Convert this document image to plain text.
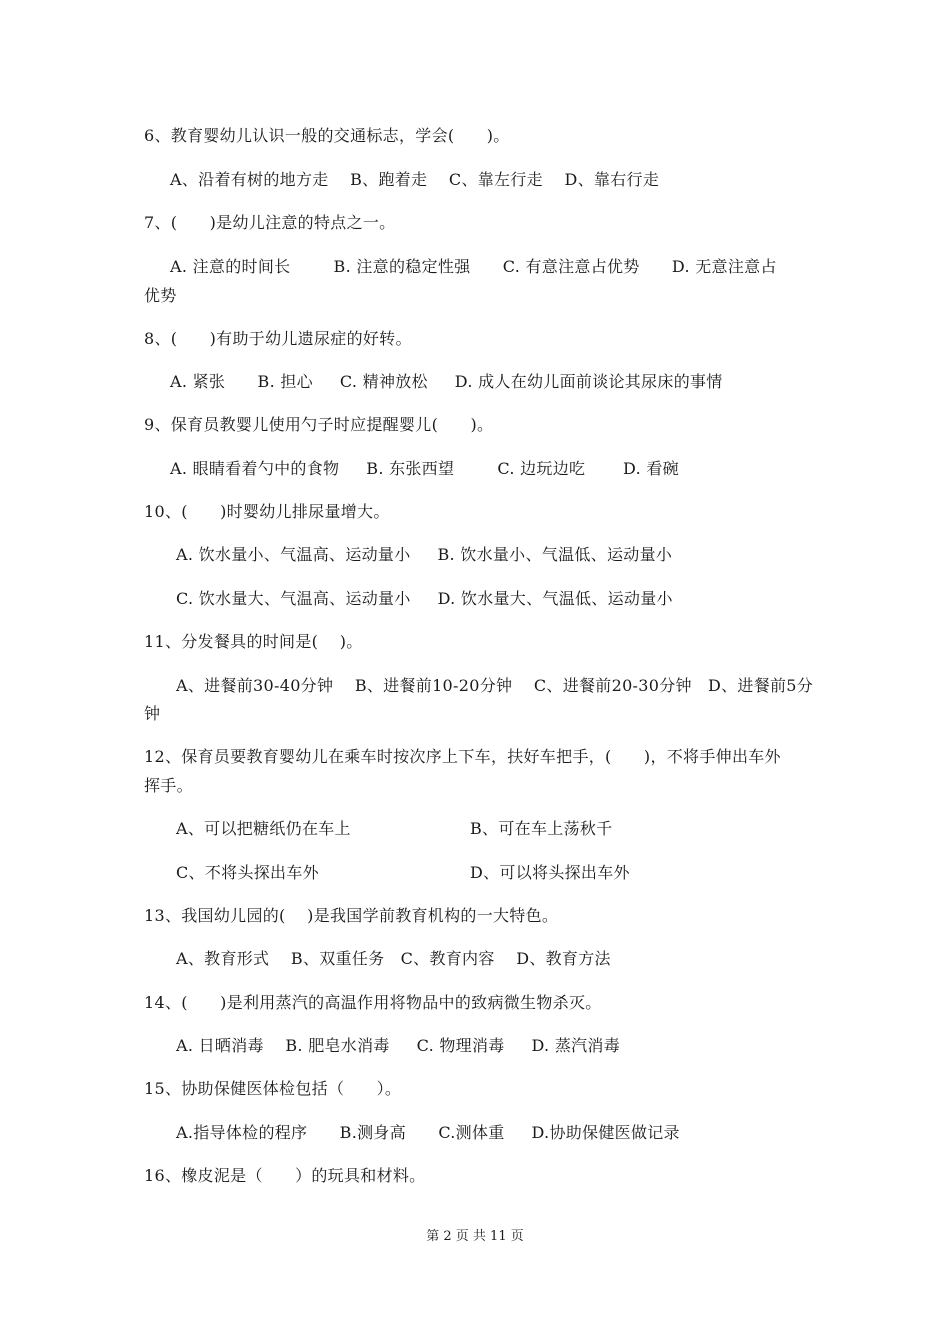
6、教育婴幼儿认识一般的交通标志，学会(      )。
A、沿着有树的地方走    B、跑着走    C、靠左行走    D、靠右行走
7、(      )是幼儿注意的特点之一。
A. 注意的时间长        B. 注意的稳定性强      C. 有意注意占优势      D. 无意注意占
优势
8、(      )有助于幼儿遗尿症的好转。
A. 紧张      B. 担心     C. 精神放松     D. 成人在幼儿面前谈论其尿床的事情
9、保育员教婴儿使用勺子时应提醒婴儿(      )。
A. 眼睛看着勺中的食物     B. 东张西望        C. 边玩边吃       D. 看碗
10、(      )时婴幼儿排尿量增大。
A. 饮水量小、气温高、运动量小     B. 饮水量小、气温低、运动量小
C. 饮水量大、气温高、运动量小     D. 饮水量大、气温低、运动量小
11、分发餐具的时间是(    )。
A、进餐前30-40分钟    B、进餐前10-20分钟    C、进餐前20-30分钟   D、进餐前5分
钟
12、保育员要教育婴幼儿在乘车时按次序上下车，扶好车把手，(      )，不将手伸出车外
挥手。
A、可以把糖纸仍在车上	B、可在车上荡秋千
C、不将头探出车外	D、可以将头探出车外
13、我国幼儿园的(    )是我国学前教育机构的一大特色。
A、教育形式    B、双重任务   C、教育内容    D、教育方法
14、(      )是利用蒸汽的高温作用将物品中的致病微生物杀灭。
A. 日晒消毒    B. 肥皂水消毒     C. 物理消毒     D. 蒸汽消毒
15、协助保健医体检包括（      ）。
A.指导体检的程序      B.测身高      C.测体重     D.协助保健医做记录
16、橡皮泥是（      ）的玩具和材料。
第 2 页 共 11 页
